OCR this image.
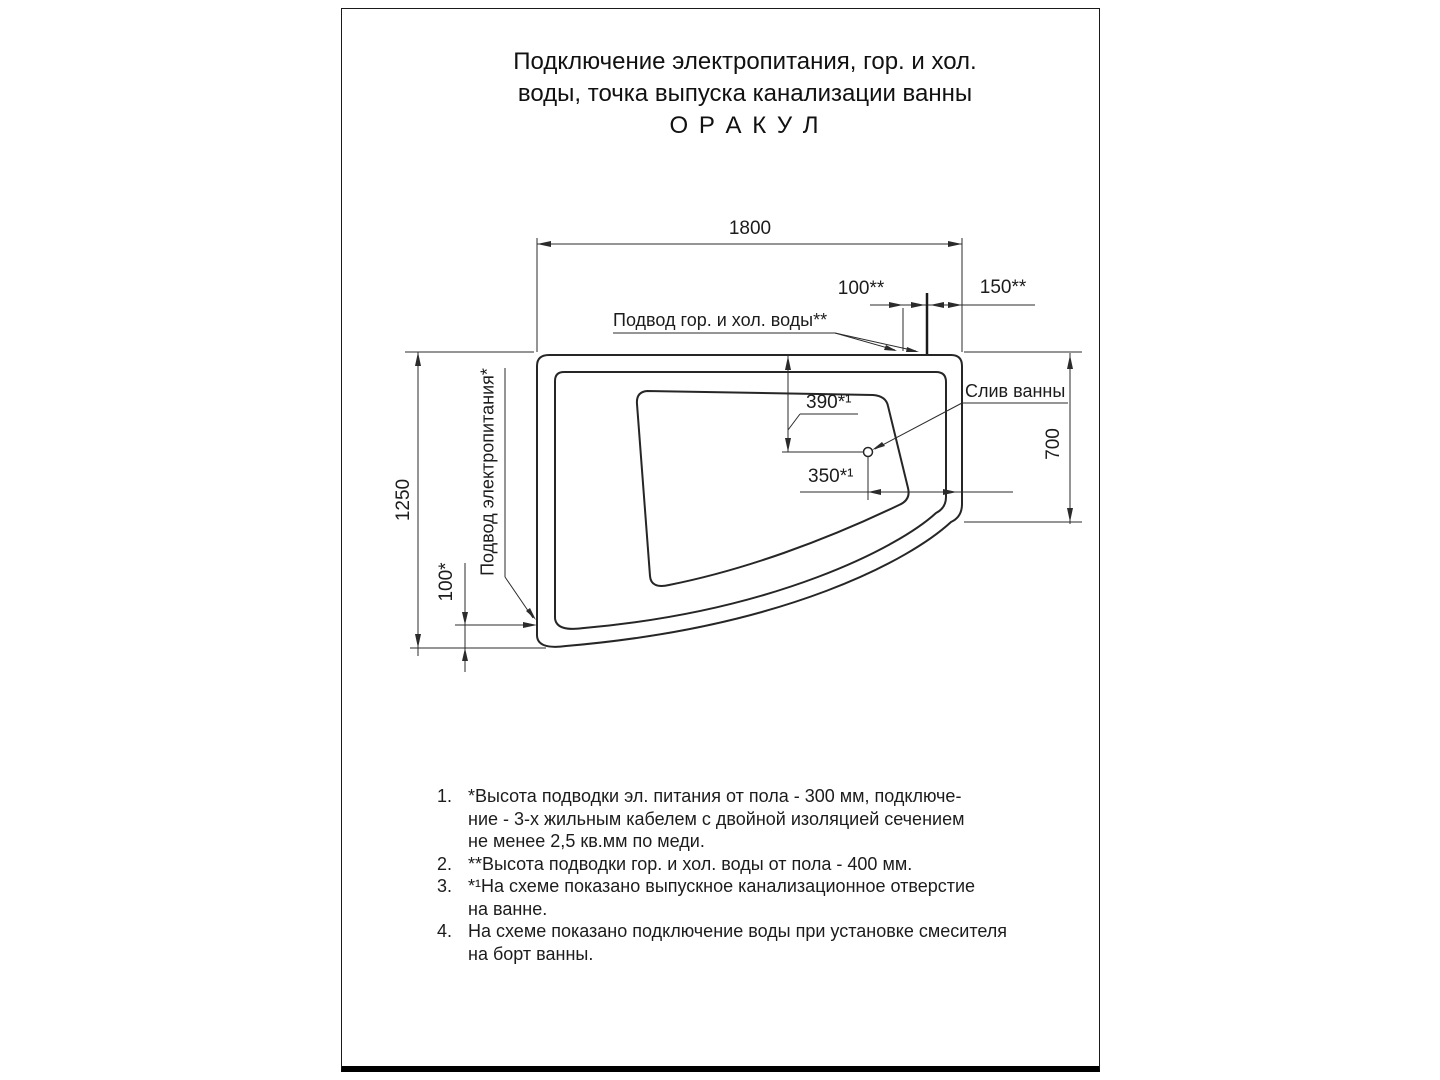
Подключение электропитания, гор. и хол.
воды, точка выпуска канализации ванны
О Р А К У Л
1800
100**	150**
390*¹
350*¹
700
1250
100*
Подвод гор. и хол. воды**
Слив ванны
Подвод электропитания*
1. *Высота подводки эл. питания от пола - 300 мм, подключе-
ние - 3-х жильным кабелем с двойной изоляцией сечением
не менее 2,5 кв.мм по меди.
2. **Высота подводки гор. и хол. воды от пола - 400 мм.
3. *¹На схеме показано выпускное канализационное отверстие
на ванне.
4. На схеме показано подключение воды при установке смесителя
на борт ванны.
